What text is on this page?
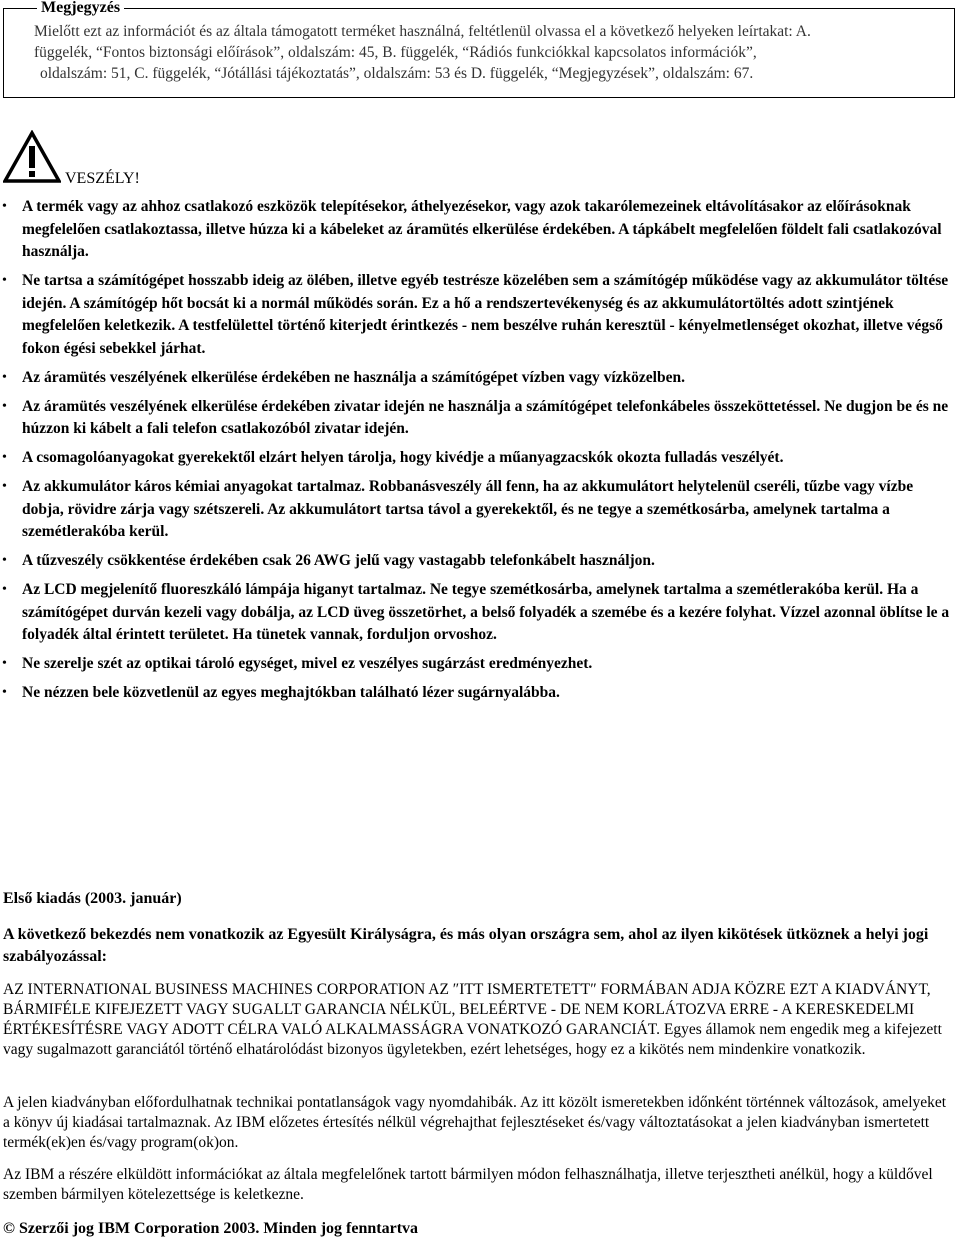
Megjegyzés
Mielőtt ezt az információt és az általa támogatott terméket használná, feltétlenül olvassa el a következő helyeken leírtakat: A.
függelék, “Fontos biztonsági előírások”, oldalszám: 45, B. függelék, “Rádiós funkciókkal kapcsolatos információk”,
oldalszám: 51, C. függelék, “Jótállási tájékoztatás”, oldalszám: 53 és D. függelék, “Megjegyzések”, oldalszám: 67.
VESZÉLY!
• A termék vagy az ahhoz csatlakozó eszközök telepítésekor, áthelyezésekor, vagy azok takarólemezeinek eltávolításakor az előírásoknak megfelelően csatlakoztassa, illetve húzza ki a kábeleket az áramütés elkerülése érdekében. A tápkábelt megfelelően földelt fali csatlakozóval használja.
• Ne tartsa a számítógépet hosszabb ideig az ölében, illetve egyéb testrésze közelében sem a számítógép működése vagy az akkumulátor töltése idején. A számítógép hőt bocsát ki a normál működés során. Ez a hő a rendszertevékenység és az akkumulátortöltés adott szintjének megfelelően keletkezik. A testfelülettel történő kiterjedt érintkezés - nem beszélve ruhán keresztül - kényelmetlenséget okozhat, illetve végső fokon égési sebekkel járhat.
• Az áramütés veszélyének elkerülése érdekében ne használja a számítógépet vízben vagy vízközelben.
• Az áramütés veszélyének elkerülése érdekében zivatar idején ne használja a számítógépet telefonkábeles összeköttetéssel. Ne dugjon be és ne húzzon ki kábelt a fali telefon csatlakozóból zivatar idején.
• A csomagolóanyagokat gyerekektől elzárt helyen tárolja, hogy kivédje a műanyagzacskók okozta fulladás veszélyét.
• Az akkumulátor káros kémiai anyagokat tartalmaz. Robbanásveszély áll fenn, ha az akkumulátort helytelenül cseréli, tűzbe vagy vízbe dobja, rövidre zárja vagy szétszereli. Az akkumulátort tartsa távol a gyerekektől, és ne tegye a szemétkosárba, amelynek tartalma a szemétlerakóba kerül.
• A tűzveszély csökkentése érdekében csak 26 AWG jelű vagy vastagabb telefonkábelt használjon.
• Az LCD megjelenítő fluoreszkáló lámpája higanyt tartalmaz. Ne tegye szemétkosárba, amelynek tartalma a szemétlerakóba kerül. Ha a számítógépet durván kezeli vagy dobálja, az LCD üveg összetörhet, a belső folyadék a szemébe és a kezére folyhat. Vízzel azonnal öblítse le a folyadék által érintett területet. Ha tünetek vannak, forduljon orvoshoz.
• Ne szerelje szét az optikai tároló egységet, mivel ez veszélyes sugárzást eredményezhet.
• Ne nézzen bele közvetlenül az egyes meghajtókban található lézer sugárnyalábba.
Első kiadás (2003. január)
A következő bekezdés nem vonatkozik az Egyesült Királyságra, és más olyan országra sem, ahol az ilyen kikötések ütköznek a helyi jogi szabályozással:
AZ INTERNATIONAL BUSINESS MACHINES CORPORATION AZ ″ITT ISMERTETETT″ FORMÁBAN ADJA KÖZRE EZT A KIADVÁNYT, BÁRMIFÉLE KIFEJEZETT VAGY SUGALLT GARANCIA NÉLKÜL, BELEÉRTVE - DE NEM KORLÁTOZVA ERRE - A KERESKEDELMI ÉRTÉKESÍTÉSRE VAGY ADOTT CÉLRA VALÓ ALKALMASSÁGRA VONATKOZÓ GARANCIÁT. Egyes államok nem engedik meg a kifejezett vagy sugalmazott garanciától történő elhatárolódást bizonyos ügyletekben, ezért lehetséges, hogy ez a kikötés nem mindenkire vonatkozik.
A jelen kiadványban előfordulhatnak technikai pontatlanságok vagy nyomdahibák. Az itt közölt ismeretekben időnként történnek változások, amelyeket a könyv új kiadásai tartalmaznak. Az IBM előzetes értesítés nélkül végrehajthat fejlesztéseket és/vagy változtatásokat a jelen kiadványban ismertetett termék(ek)en és/vagy program(ok)on.
Az IBM a részére elküldött információkat az általa megfelelőnek tartott bármilyen módon felhasználhatja, illetve terjesztheti anélkül, hogy a küldővel szemben bármilyen kötelezettsége is keletkezne.
© Szerzői jog IBM Corporation 2003. Minden jog fenntartva
